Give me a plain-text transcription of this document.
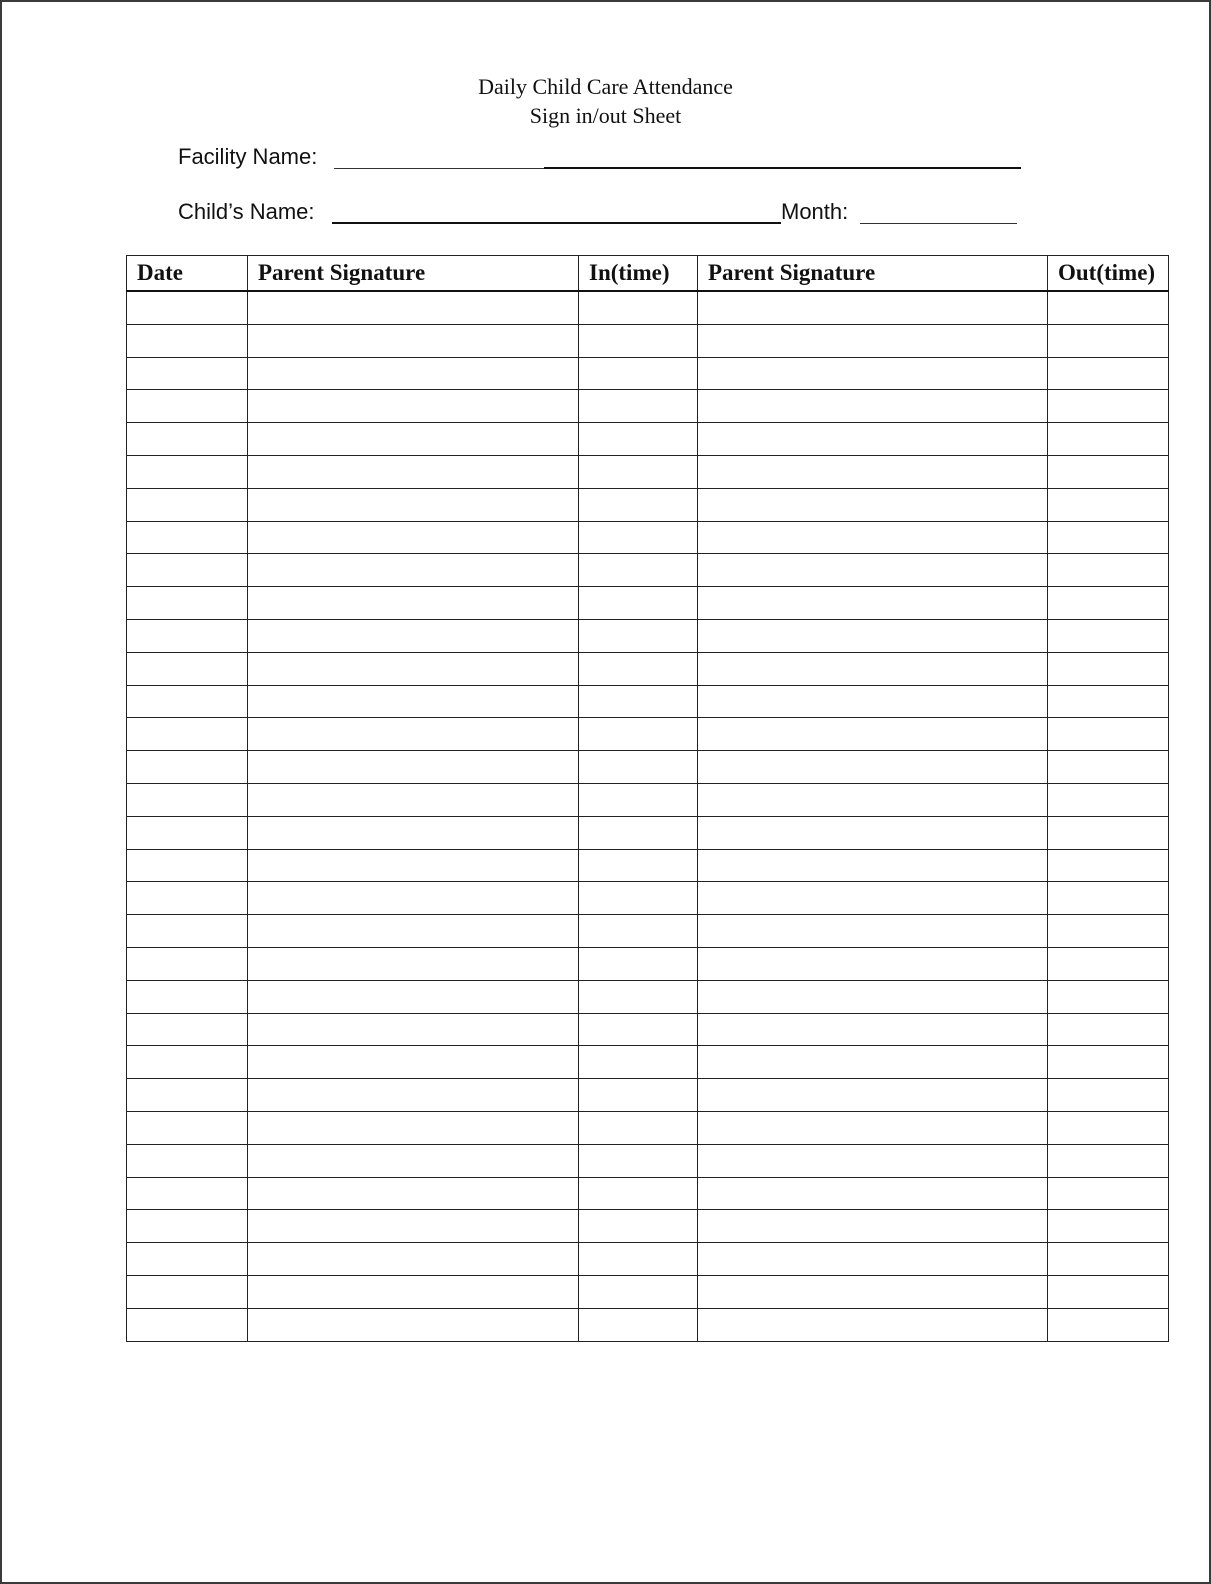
Daily Child Care Attendance
Sign in/out Sheet
Facility Name:
Child’s Name:	Month:
Date	Parent Signature	In(time)	Parent Signature	Out(time)
